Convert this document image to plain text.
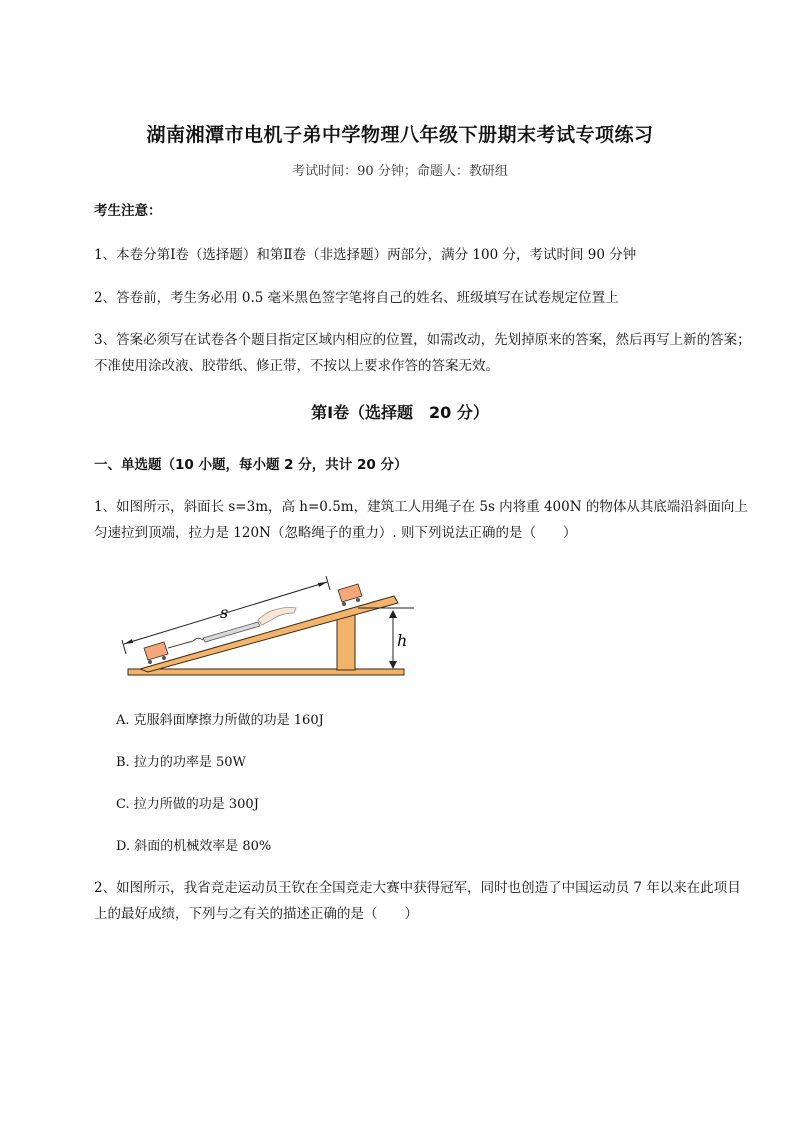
湖南湘潭市电机子弟中学物理八年级下册期末考试专项练习
考试时间：90 分钟；命题人：教研组
考生注意：
1、本卷分第Ⅰ卷（选择题）和第Ⅱ卷（非选择题）两部分，满分 100 分，考试时间 90 分钟
2、答卷前，考生务必用 0.5 毫米黑色签字笔将自己的姓名、班级填写在试卷规定位置上
3、答案必须写在试卷各个题目指定区域内相应的位置，如需改动，先划掉原来的答案，然后再写上新的答案；不准使用涂改液、胶带纸、修正带，不按以上要求作答的答案无效。
第Ⅰ卷（选择题　20 分）
一、单选题（10 小题，每小题 2 分，共计 20 分）
1、如图所示，斜面长 s=3m，高 h=0.5m，建筑工人用绳子在 5s 内将重 400N 的物体从其底端沿斜面向上匀速拉到顶端，拉力是 120N（忽略绳子的重力）. 则下列说法正确的是（　　）
s
h
A. 克服斜面摩擦力所做的功是 160J
B. 拉力的功率是 50W
C. 拉力所做的功是 300J
D. 斜面的机械效率是 80%
2、如图所示，我省竞走运动员王钦在全国竞走大赛中获得冠军，同时也创造了中国运动员 7 年以来在此项目上的最好成绩，下列与之有关的描述正确的是（　　）
